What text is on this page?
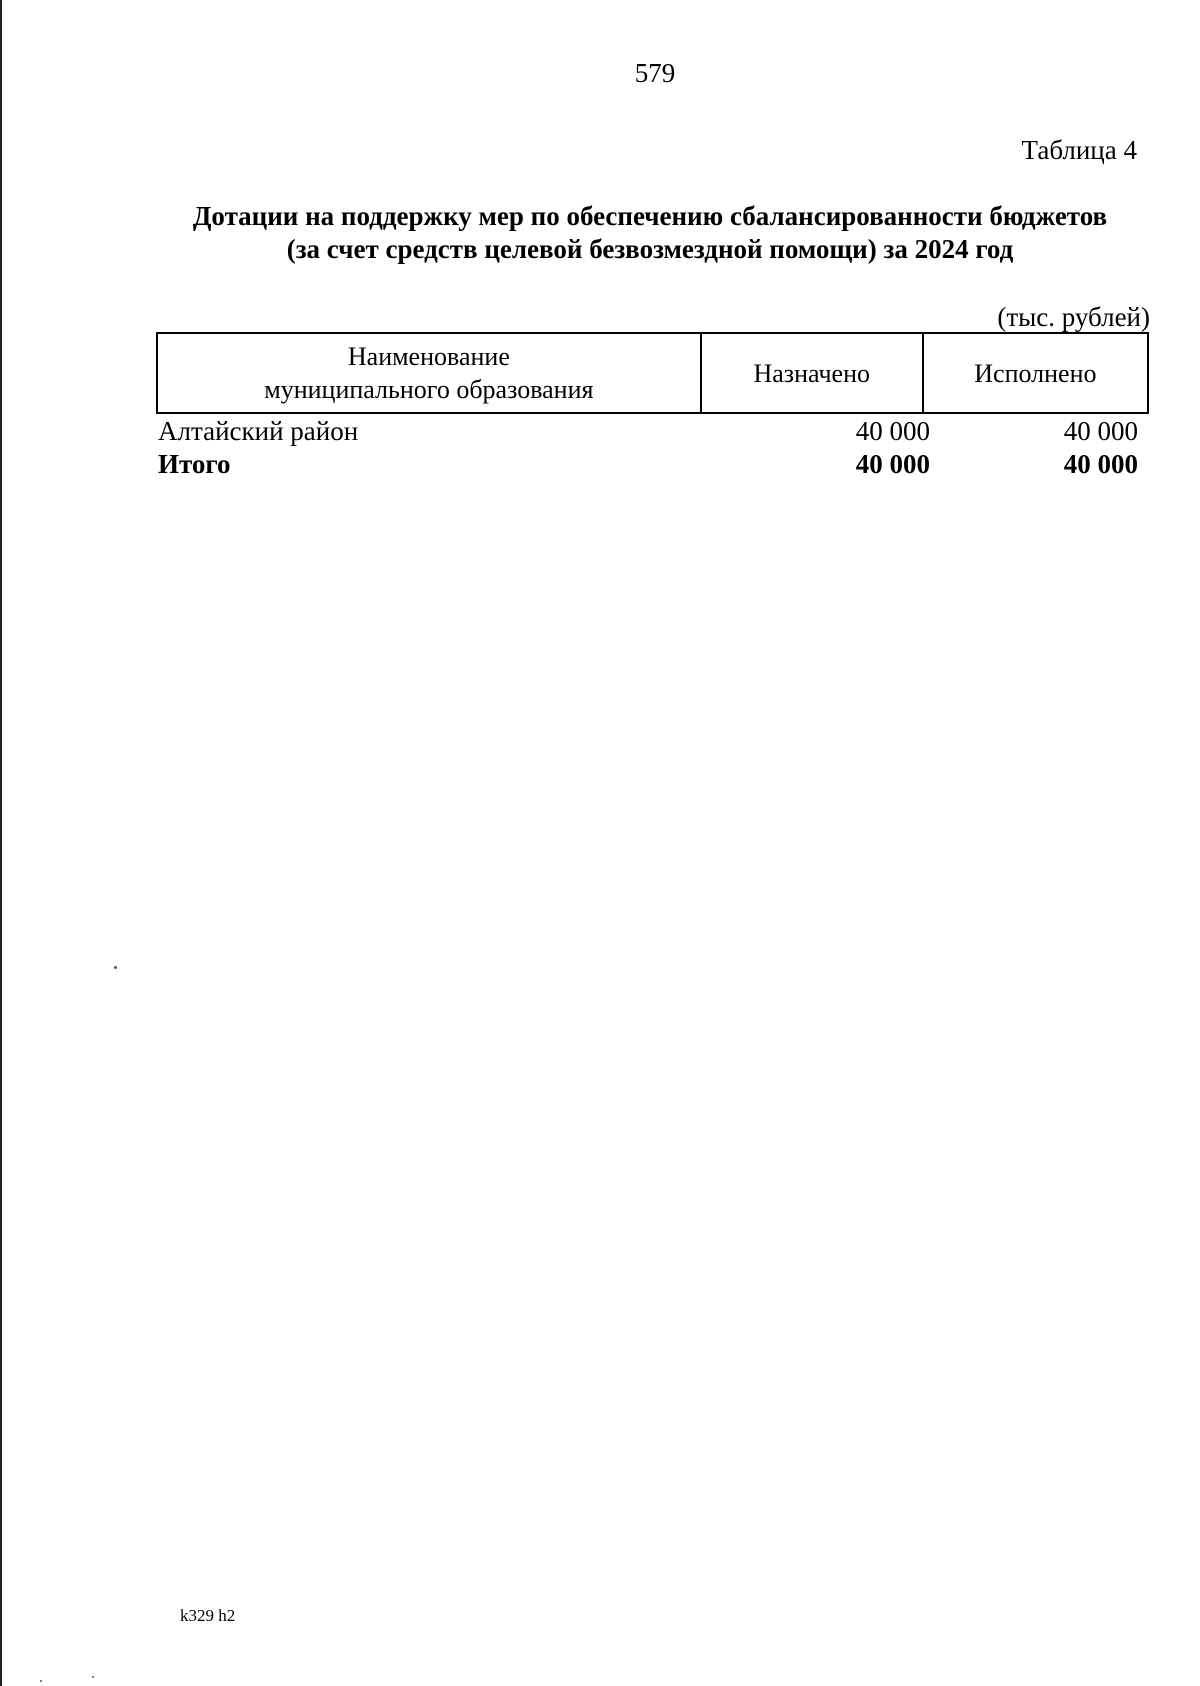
579
Таблица 4
Дотации на поддержку мер по обеспечению сбалансированности бюджетов
(за счет средств целевой безвозмездной помощи) за 2024 год
(тыс. рублей)
Наименование
муниципального образования
	Назначено	Исполнено
Алтайский район	40 000	40 000
Итого	40 000	40 000
k329 h2
